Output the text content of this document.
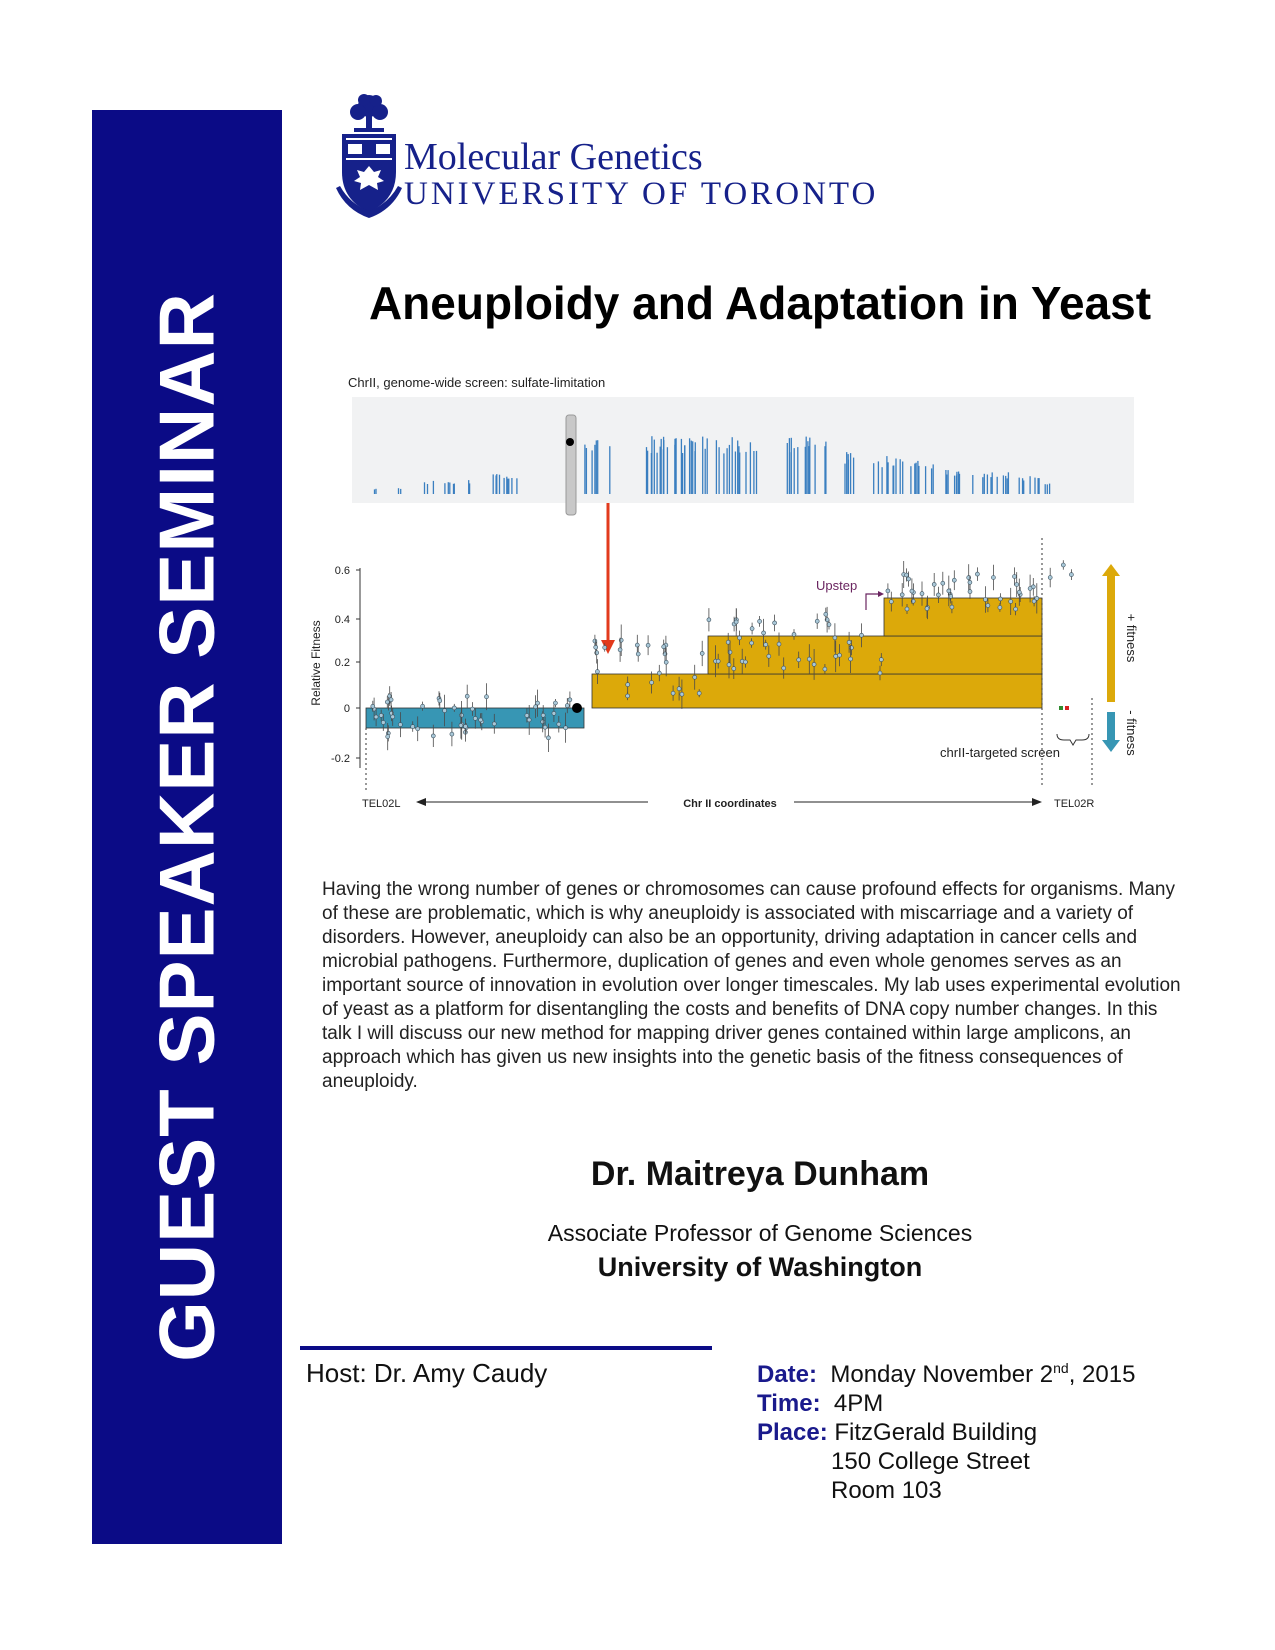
GUEST SPEAKER SEMINAR
Molecular Genetics
UNIVERSITY OF TORONTO
Aneuploidy and Adaptation in Yeast
ChrII, genome-wide screen: sulfate-limitation
0.6
0.4
0.2
0
-0.2
Relative Fitness
Upstep
+ fitness
- fitness
chrII-targeted screen
TEL02L	Chr II coordinates	TEL02R
Having the wrong number of genes or chromosomes can cause profound effects for organisms. Many of these are problematic, which is why aneuploidy is associated with miscarriage and a variety of disorders. However, aneuploidy can also be an opportunity, driving adaptation in cancer cells and microbial pathogens. Furthermore, duplication of genes and even whole genomes serves as an important source of innovation in evolution over longer timescales. My lab uses experimental evolution of yeast as a platform for disentangling the costs and benefits of DNA copy number changes. In this talk I will discuss our new method for mapping driver genes contained within large amplicons, an approach which has given us new insights into the genetic basis of the fitness consequences of aneuploidy.
Dr. Maitreya Dunham
Associate Professor of Genome Sciences
University of Washington
Host: Dr. Amy Caudy	Date: Monday November 2nd, 2015
Time: 4PM
Place: FitzGerald Building
150 College Street
Room 103
